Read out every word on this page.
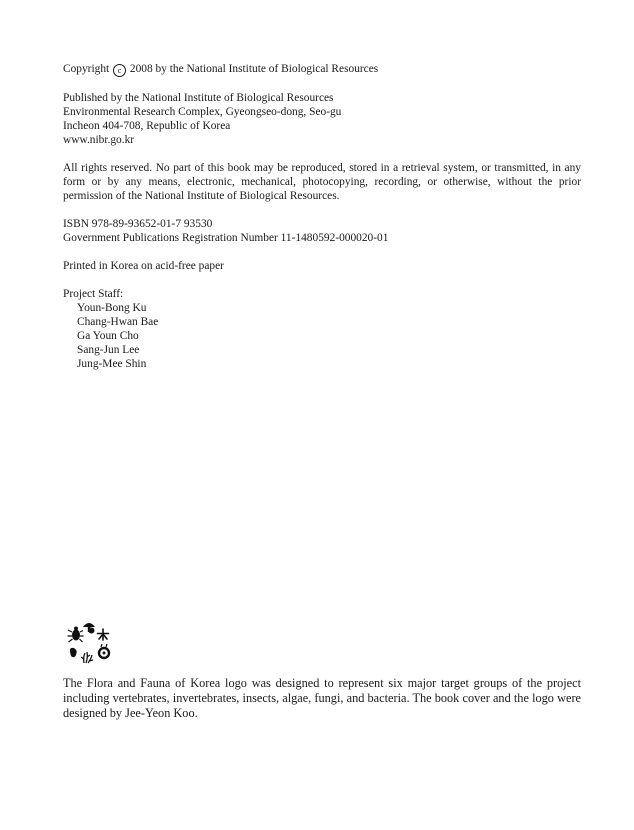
Copyright c 2008 by the National Institute of Biological Resources

Published by the National Institute of Biological Resources
Environmental Research Complex, Gyeongseo-dong, Seo-gu
Incheon 404-708, Republic of Korea
www.nibr.go.kr

All rights reserved. No part of this book may be reproduced, stored in a retrieval system, or transmitted, in any form or by any means, electronic, mechanical, photocopying, recording, or otherwise, without the prior permission of the National Institute of Biological Resources.

ISBN 978-89-93652-01-7 93530
Government Publications Registration Number 11-1480592-000020-01
Printed in Korea on acid-free paper
Project Staff:
Youn-Bong Ku
Chang-Hwan Bae
Ga Youn Cho
Sang-Jun Lee
Jung-Mee Shin

The Flora and Fauna of Korea logo was designed to represent six major target groups of the project including vertebrates, invertebrates, insects, algae, fungi, and bacteria. The book cover and the logo were designed by Jee-Yeon Koo.
